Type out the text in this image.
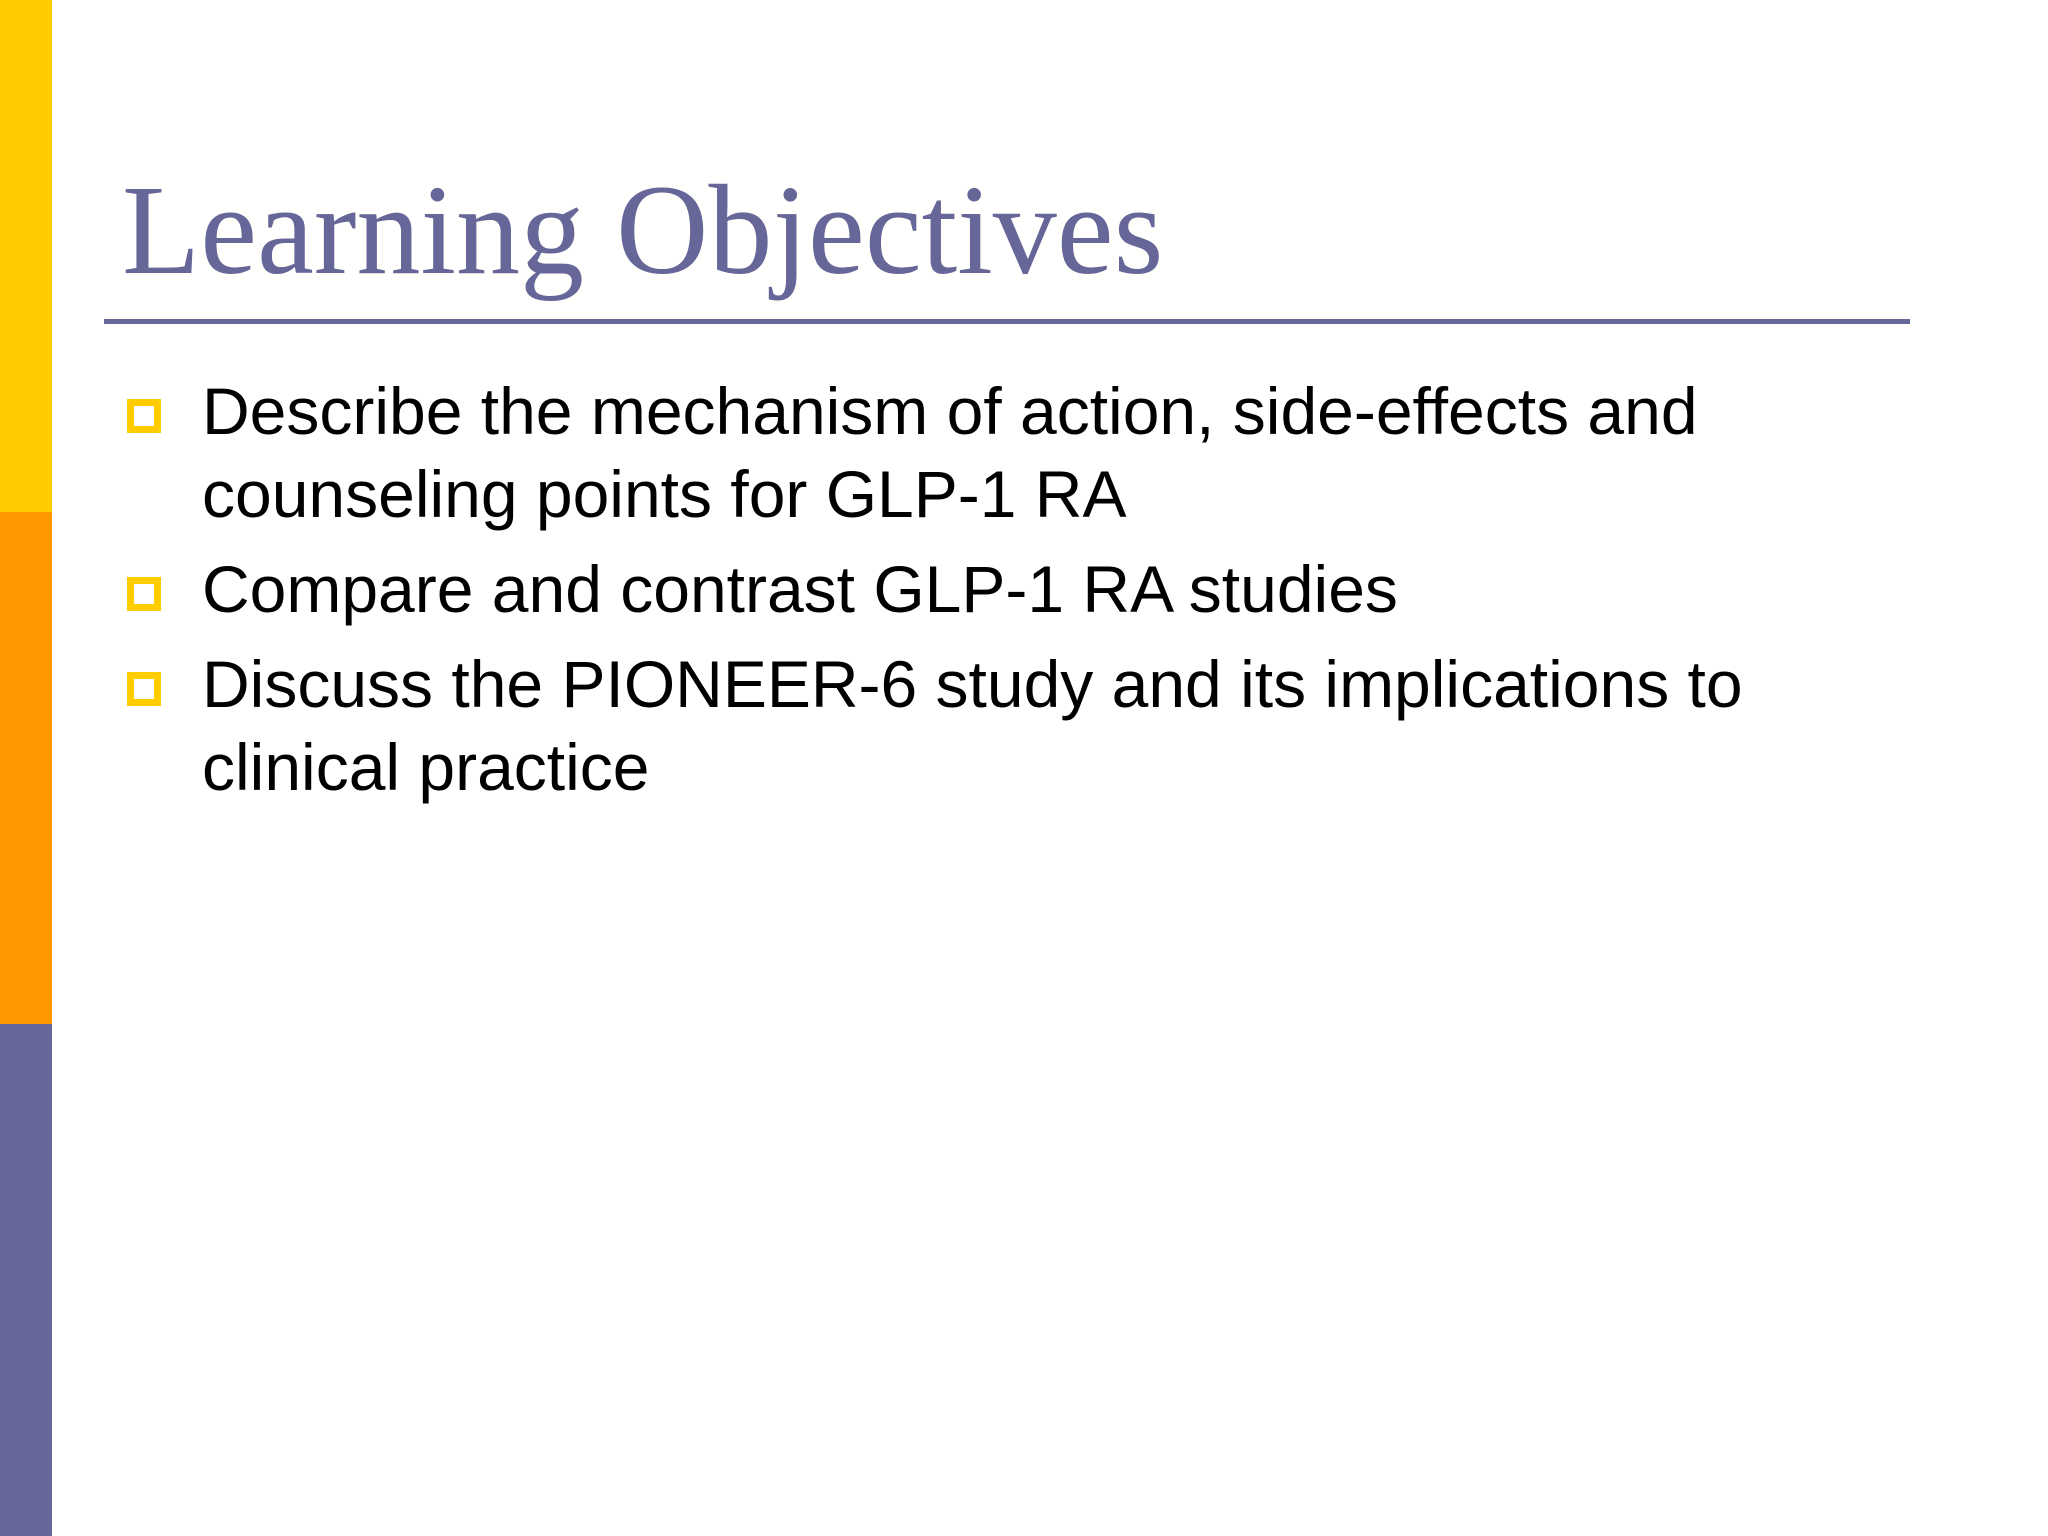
Learning Objectives
Describe the mechanism of action, side-effects and counseling points for GLP-1 RA
Compare and contrast GLP-1 RA studies
Discuss the PIONEER-6 study and its implications to clinical practice
